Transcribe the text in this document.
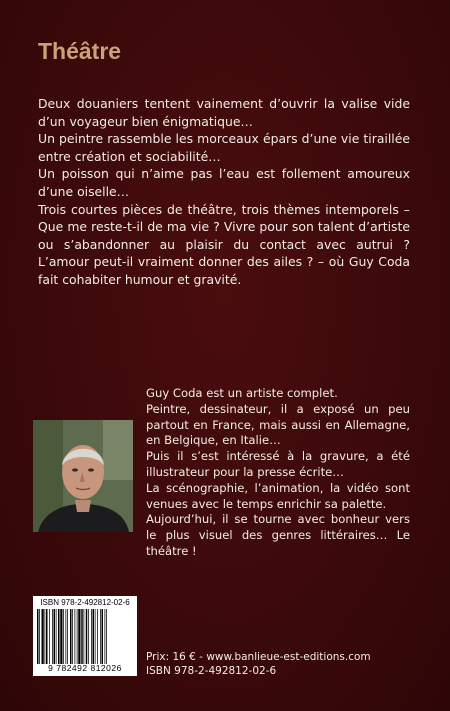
Théâtre

Deux douaniers tentent vainement d’ouvrir la valise vide d’un voyageur bien énigmatique…

Un peintre rassemble les morceaux épars d’une vie tiraillée entre création et sociabilité…

Un poisson qui n’aime pas l’eau est follement amoureux d’une oiselle…

Trois courtes pièces de théâtre, trois thèmes intemporels – Que me reste-t-il de ma vie ? Vivre pour son talent d’artiste ou s’abandonner au plaisir du contact avec autrui ? L’amour peut-il vraiment donner des ailes ? – où Guy Coda fait cohabiter humour et gravité.

Guy Coda est un artiste complet.

Peintre, dessinateur, il a exposé un peu partout en France, mais aussi en Allemagne, en Belgique, en Italie…

Puis il s’est intéressé à la gravure, a été illustrateur pour la presse écrite…

La scénographie, l’animation, la vidéo sont venues avec le temps enrichir sa palette.

Aujourd’hui, il se tourne avec bonheur vers le plus visuel des genres littéraires… Le théâtre !

ISBN 978-2-492812-02-6
9 782492 812026
Prix: 16 € - www.banlieue-est-editions.com
ISBN 978-2-492812-02-6
